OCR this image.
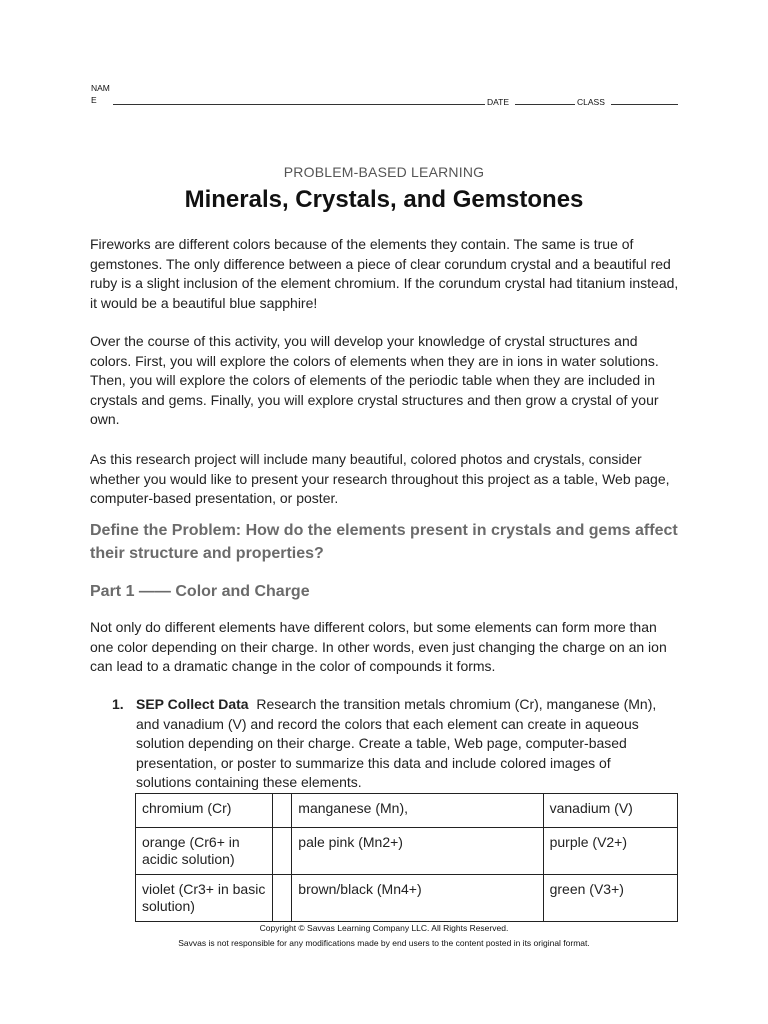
NAME	DATE	CLASS
PROBLEM-BASED LEARNING
Minerals, Crystals, and Gemstones

Fireworks are different colors because of the elements they contain. The same is true of gemstones. The only difference between a piece of clear corundum crystal and a beautiful red ruby is a slight inclusion of the element chromium. If the corundum crystal had titanium instead, it would be a beautiful blue sapphire!

Over the course of this activity, you will develop your knowledge of crystal structures and colors. First, you will explore the colors of elements when they are in ions in water solutions. Then, you will explore the colors of elements of the periodic table when they are included in crystals and gems. Finally, you will explore crystal structures and then grow a crystal of your own.

As this research project will include many beautiful, colored photos and crystals, consider whether you would like to present your research throughout this project as a table, Web page, computer-based presentation, or poster.

Define the Problem: How do the elements present in crystals and gems affect their structure and properties?
Part 1 —— Color and Charge

Not only do different elements have different colors, but some elements can form more than one color depending on their charge. In other words, even just changing the charge on an ion can lead to a dramatic change in the color of compounds it forms.

1. SEP Collect Data Research the transition metals chromium (Cr), manganese (Mn), and vanadium (V) and record the colors that each element can create in aqueous solution depending on their charge. Create a table, Web page, computer-based presentation, or poster to summarize this data and include colored images of solutions containing these elements.
chromium (Cr)		manganese (Mn),	vanadium (V)
orange (Cr6+ in acidic solution)		pale pink (Mn2+)	purple (V2+)
violet (Cr3+ in basic solution)		brown/black (Mn4+)	green (V3+)
Copyright © Savvas Learning Company LLC. All Rights Reserved.
Savvas is not responsible for any modifications made by end users to the content posted in its original format.
